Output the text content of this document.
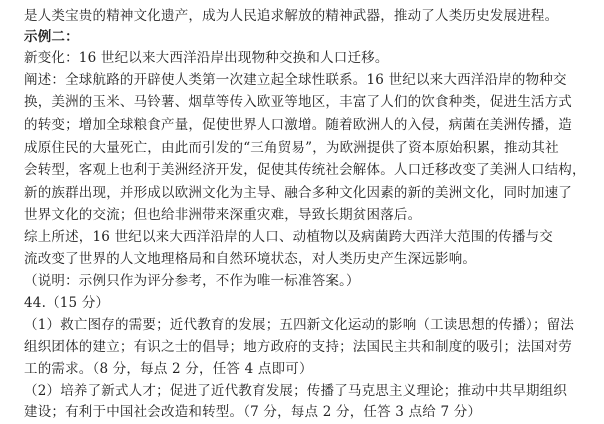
是人类宝贵的精神文化遗产，成为人民追求解放的精神武器，推动了人类历史发展进程。
示例二：
新变化：16 世纪以来大西洋沿岸出现物种交换和人口迁移。
阐述：全球航路的开辟使人类第一次建立起全球性联系。16 世纪以来大西洋沿岸的物种交
换，美洲的玉米、马铃薯、烟草等传入欧亚等地区，丰富了人们的饮食种类，促进生活方式
的转变；增加全球粮食产量，促使世界人口激增。随着欧洲人的入侵，病菌在美洲传播，造
成原住民的大量死亡，由此而引发的“三角贸易”，为欧洲提供了资本原始积累，推动其社
会转型，客观上也利于美洲经济开发，促使其传统社会解体。人口迁移改变了美洲人口结构，
新的族群出现，并形成以欧洲文化为主导、融合多种文化因素的新的美洲文化，同时加速了
世界文化的交流；但也给非洲带来深重灾难，导致长期贫困落后。
综上所述，16 世纪以来大西洋沿岸的人口、动植物以及病菌跨大西洋大范围的传播与交
流改变了世界的人文地理格局和自然环境状态，对人类历史产生深远影响。
（说明：示例只作为评分参考，不作为唯一标准答案。）
44.（15 分）
（1）救亡图存的需要；近代教育的发展；五四新文化运动的影响（工读思想的传播）；留法
组织团体的建立；有识之士的倡导；地方政府的支持；法国民主共和制度的吸引；法国对劳
工的需求。（8 分，每点 2 分，任答 4 点即可）
（2）培养了新式人才；促进了近代教育发展；传播了马克思主义理论；推动中共早期组织
建设；有利于中国社会改造和转型。（7 分，每点 2 分，任答 3 点给 7 分）
